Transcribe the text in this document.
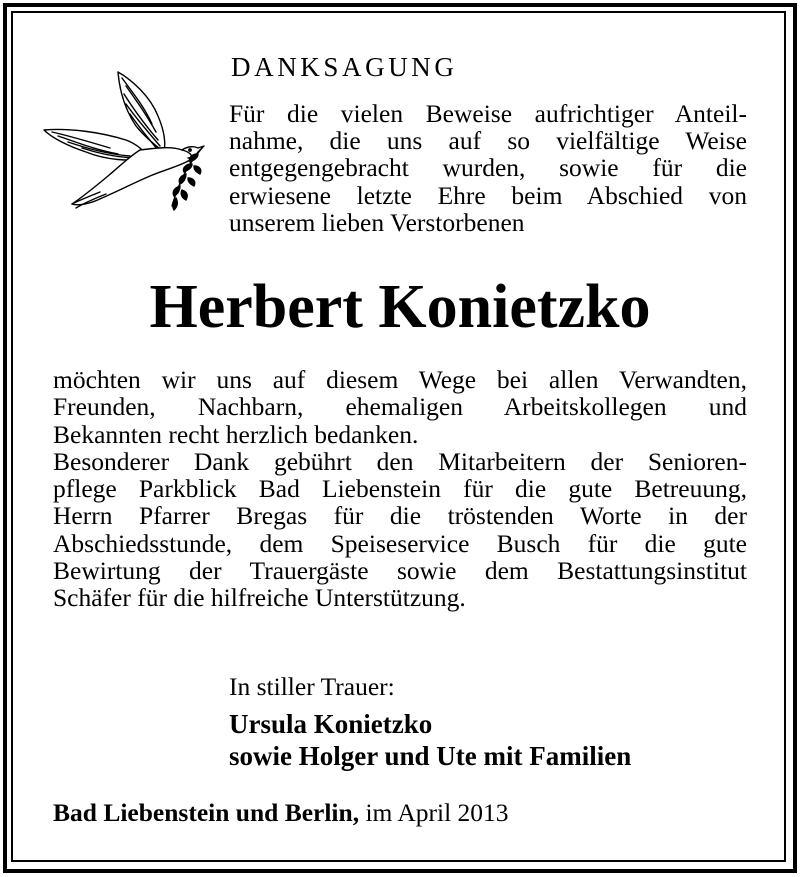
DANKSAGUNG

Für die vielen Beweise aufrichtiger Anteil-
nahme, die uns auf so vielfältige Weise
entgegengebracht wurden, sowie für die
erwiesene letzte Ehre beim Abschied von
unserem lieben Verstorbenen

Herbert Konietzko

möchten wir uns auf diesem Wege bei allen Verwandten,
Freunden, Nachbarn, ehemaligen Arbeitskollegen und
Bekannten recht herzlich bedanken.
Besonderer Dank gebührt den Mitarbeitern der Senioren-
pflege Parkblick Bad Liebenstein für die gute Betreuung,
Herrn Pfarrer Bregas für die tröstenden Worte in der
Abschiedsstunde, dem Speiseservice Busch für die gute
Bewirtung der Trauergäste sowie dem Bestattungsinstitut
Schäfer für die hilfreiche Unterstützung.

In stiller Trauer:

Ursula Konietzko
sowie Holger und Ute mit Familien

Bad Liebenstein und Berlin, im April 2013
